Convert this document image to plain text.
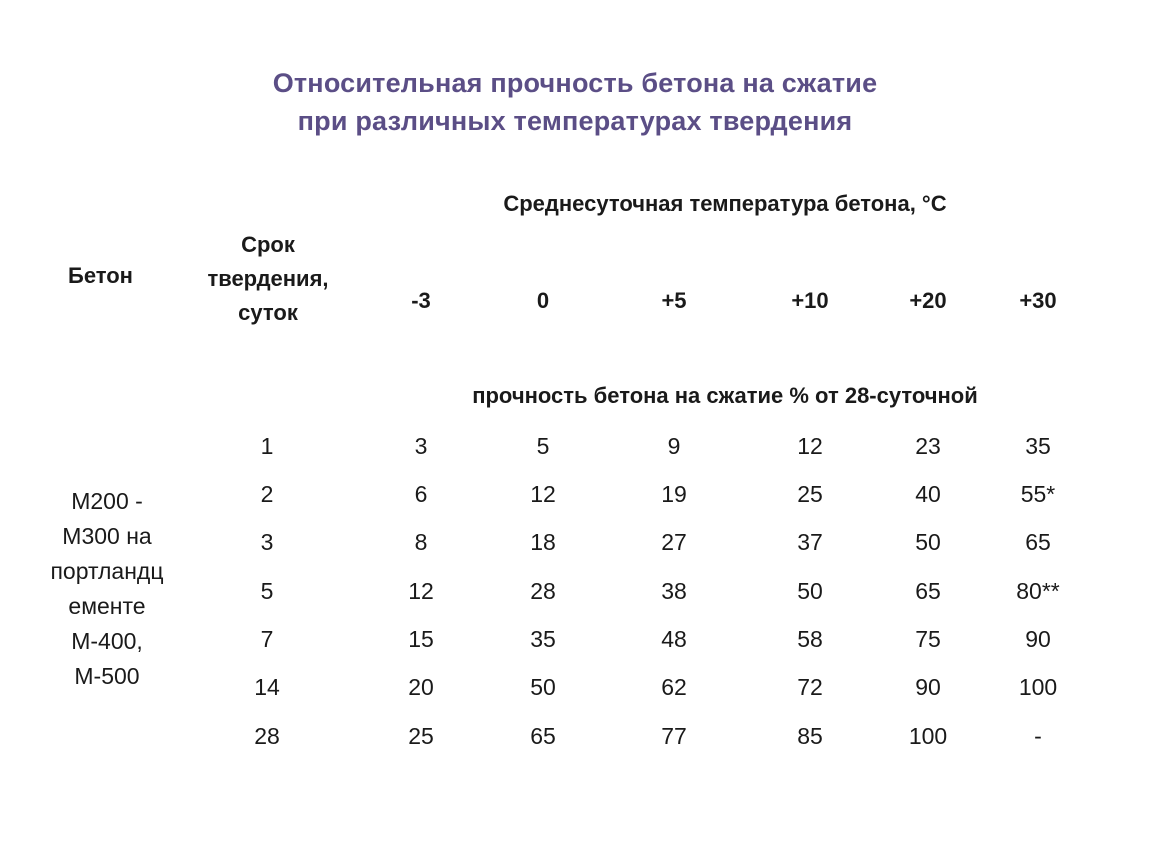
Относительная прочность бетона на сжатие
при различных температурах твердения
Бетон
Срок
твердения,
суток
Среднесуточная температура бетона, °С
-3	0	+5	+10	+20	+30
прочность бетона на сжатие % от 28-суточной
М200 -
М300 на
портландц
ементе
М-400,
М-500
1	3	5	9	12	23	35
2	6	12	19	25	40	55*
3	8	18	27	37	50	65
5	12	28	38	50	65	80**
7	15	35	48	58	75	90
14	20	50	62	72	90	100
28	25	65	77	85	100	-
